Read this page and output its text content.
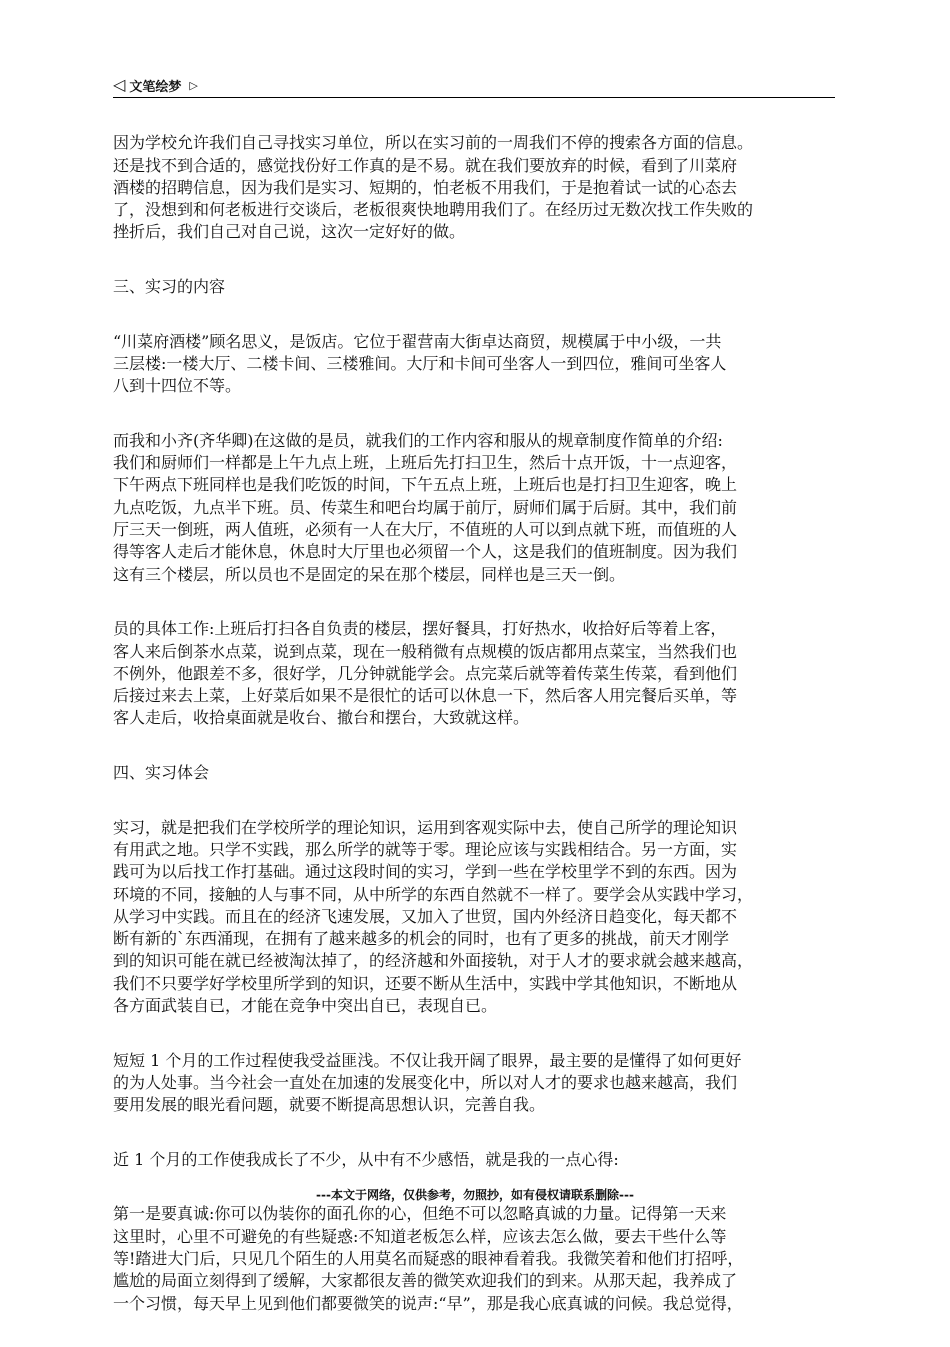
◁ 文笔绘梦 ▷

因为学校允许我们自己寻找实习单位，所以在实习前的一周我们不停的搜索各方面的信息。
还是找不到合适的，感觉找份好工作真的是不易。就在我们要放弃的时候，看到了川菜府
酒楼的招聘信息，因为我们是实习、短期的，怕老板不用我们，于是抱着试一试的心态去
了，没想到和何老板进行交谈后，老板很爽快地聘用我们了。在经历过无数次找工作失败的
挫折后，我们自己对自己说，这次一定好好的做。

三、实习的内容

“川菜府酒楼”顾名思义，是饭店。它位于翟营南大街卓达商贸，规模属于中小级，一共
三层楼:一楼大厅、二楼卡间、三楼雅间。大厅和卡间可坐客人一到四位，雅间可坐客人
八到十四位不等。

而我和小齐(齐华卿)在这做的是员，就我们的工作内容和服从的规章制度作简单的介绍:
我们和厨师们一样都是上午九点上班，上班后先打扫卫生，然后十点开饭，十一点迎客，
下午两点下班同样也是我们吃饭的时间，下午五点上班，上班后也是打扫卫生迎客，晚上
九点吃饭，九点半下班。员、传菜生和吧台均属于前厅，厨师们属于后厨。其中，我们前
厅三天一倒班，两人值班，必须有一人在大厅，不值班的人可以到点就下班，而值班的人
得等客人走后才能休息，休息时大厅里也必须留一个人，这是我们的值班制度。因为我们
这有三个楼层，所以员也不是固定的呆在那个楼层，同样也是三天一倒。

员的具体工作:上班后打扫各自负责的楼层，摆好餐具，打好热水，收拾好后等着上客，
客人来后倒茶水点菜，说到点菜，现在一般稍微有点规模的饭店都用点菜宝，当然我们也
不例外，他跟差不多，很好学，几分钟就能学会。点完菜后就等着传菜生传菜，看到他们
后接过来去上菜，上好菜后如果不是很忙的话可以休息一下，然后客人用完餐后买单，等
客人走后，收拾桌面就是收台、撤台和摆台，大致就这样。

四、实习体会

实习，就是把我们在学校所学的理论知识，运用到客观实际中去，使自己所学的理论知识
有用武之地。只学不实践，那么所学的就等于零。理论应该与实践相结合。另一方面，实
践可为以后找工作打基础。通过这段时间的实习，学到一些在学校里学不到的东西。因为
环境的不同，接触的人与事不同，从中所学的东西自然就不一样了。要学会从实践中学习，
从学习中实践。而且在的经济飞速发展，又加入了世贸，国内外经济日趋变化，每天都不
断有新的`东西涌现，在拥有了越来越多的机会的同时，也有了更多的挑战，前天才刚学
到的知识可能在就已经被淘汰掉了，的经济越和外面接轨，对于人才的要求就会越来越高，
我们不只要学好学校里所学到的知识，还要不断从生活中，实践中学其他知识，不断地从
各方面武装自已，才能在竞争中突出自已，表现自已。

短短 1 个月的工作过程使我受益匪浅。不仅让我开阔了眼界，最主要的是懂得了如何更好
的为人处事。当今社会一直处在加速的发展变化中，所以对人才的要求也越来越高，我们
要用发展的眼光看问题，就要不断提高思想认识，完善自我。

近 1 个月的工作使我成长了不少，从中有不少感悟，就是我的一点心得:

第一是要真诚:你可以伪装你的面孔你的心，但绝不可以忽略真诚的力量。记得第一天来
这里时，心里不可避免的有些疑惑:不知道老板怎么样，应该去怎么做，要去干些什么等
等!踏进大门后，只见几个陌生的人用莫名而疑惑的眼神看着我。我微笑着和他们打招呼，
尴尬的局面立刻得到了缓解，大家都很友善的微笑欢迎我们的到来。从那天起，我养成了
一个习惯，每天早上见到他们都要微笑的说声:“早”，那是我心底真诚的问候。我总觉得，

---本文于网络，仅供参考，勿照抄，如有侵权请联系删除---
